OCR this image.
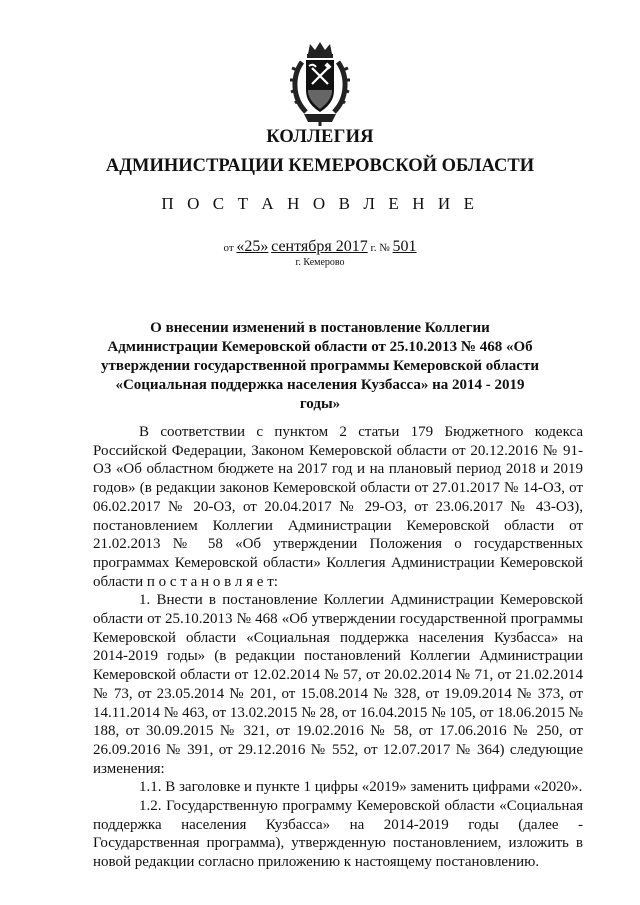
КОЛЛЕГИЯ
АДМИНИСТРАЦИИ КЕМЕРОВСКОЙ ОБЛАСТИ
П О С Т А Н О В Л Е Н И Е
от «25» сентября 2017 г. № 501
г. Кемерово
О внесении изменений в постановление Коллегии Администрации Кемеровской области от 25.10.2013 № 468 «Об утверждении государственной программы Кемеровской области «Социальная поддержка населения Кузбасса» на 2014 - 2019 годы»

В соответствии с пунктом 2 статьи 179 Бюджетного кодекса Российской Федерации, Законом Кемеровской области от 20.12.2016 № 91-ОЗ «Об областном бюджете на 2017 год и на плановый период 2018 и 2019 годов» (в редакции законов Кемеровской области от 27.01.2017 № 14-ОЗ, от 06.02.2017 № 20-ОЗ, от 20.04.2017 № 29-ОЗ, от 23.06.2017 № 43-ОЗ), постановлением Коллегии Администрации Кемеровской области от 21.02.2013 № 58 «Об утверждении Положения о государственных программах Кемеровской области» Коллегия Администрации Кемеровской области п о с т а н о в л я е т:

1. Внести в постановление Коллегии Администрации Кемеровской области от 25.10.2013 № 468 «Об утверждении государственной программы Кемеровской области «Социальная поддержка населения Кузбасса» на 2014-2019 годы» (в редакции постановлений Коллегии Администрации Кемеровской области от 12.02.2014 № 57, от 20.02.2014 № 71, от 21.02.2014 № 73, от 23.05.2014 № 201, от 15.08.2014 № 328, от 19.09.2014 № 373, от 14.11.2014 № 463, от 13.02.2015 № 28, от 16.04.2015 № 105, от 18.06.2015 № 188, от 30.09.2015 № 321, от 19.02.2016 № 58, от 17.06.2016 № 250, от 26.09.2016 № 391, от 29.12.2016 № 552, от 12.07.2017 № 364) следующие изменения:

1.1. В заголовке и пункте 1 цифры «2019» заменить цифрами «2020».

1.2. Государственную программу Кемеровской области «Социальная поддержка населения Кузбасса» на 2014-2019 годы (далее - Государственная программа), утвержденную постановлением, изложить в новой редакции согласно приложению к настоящему постановлению.
